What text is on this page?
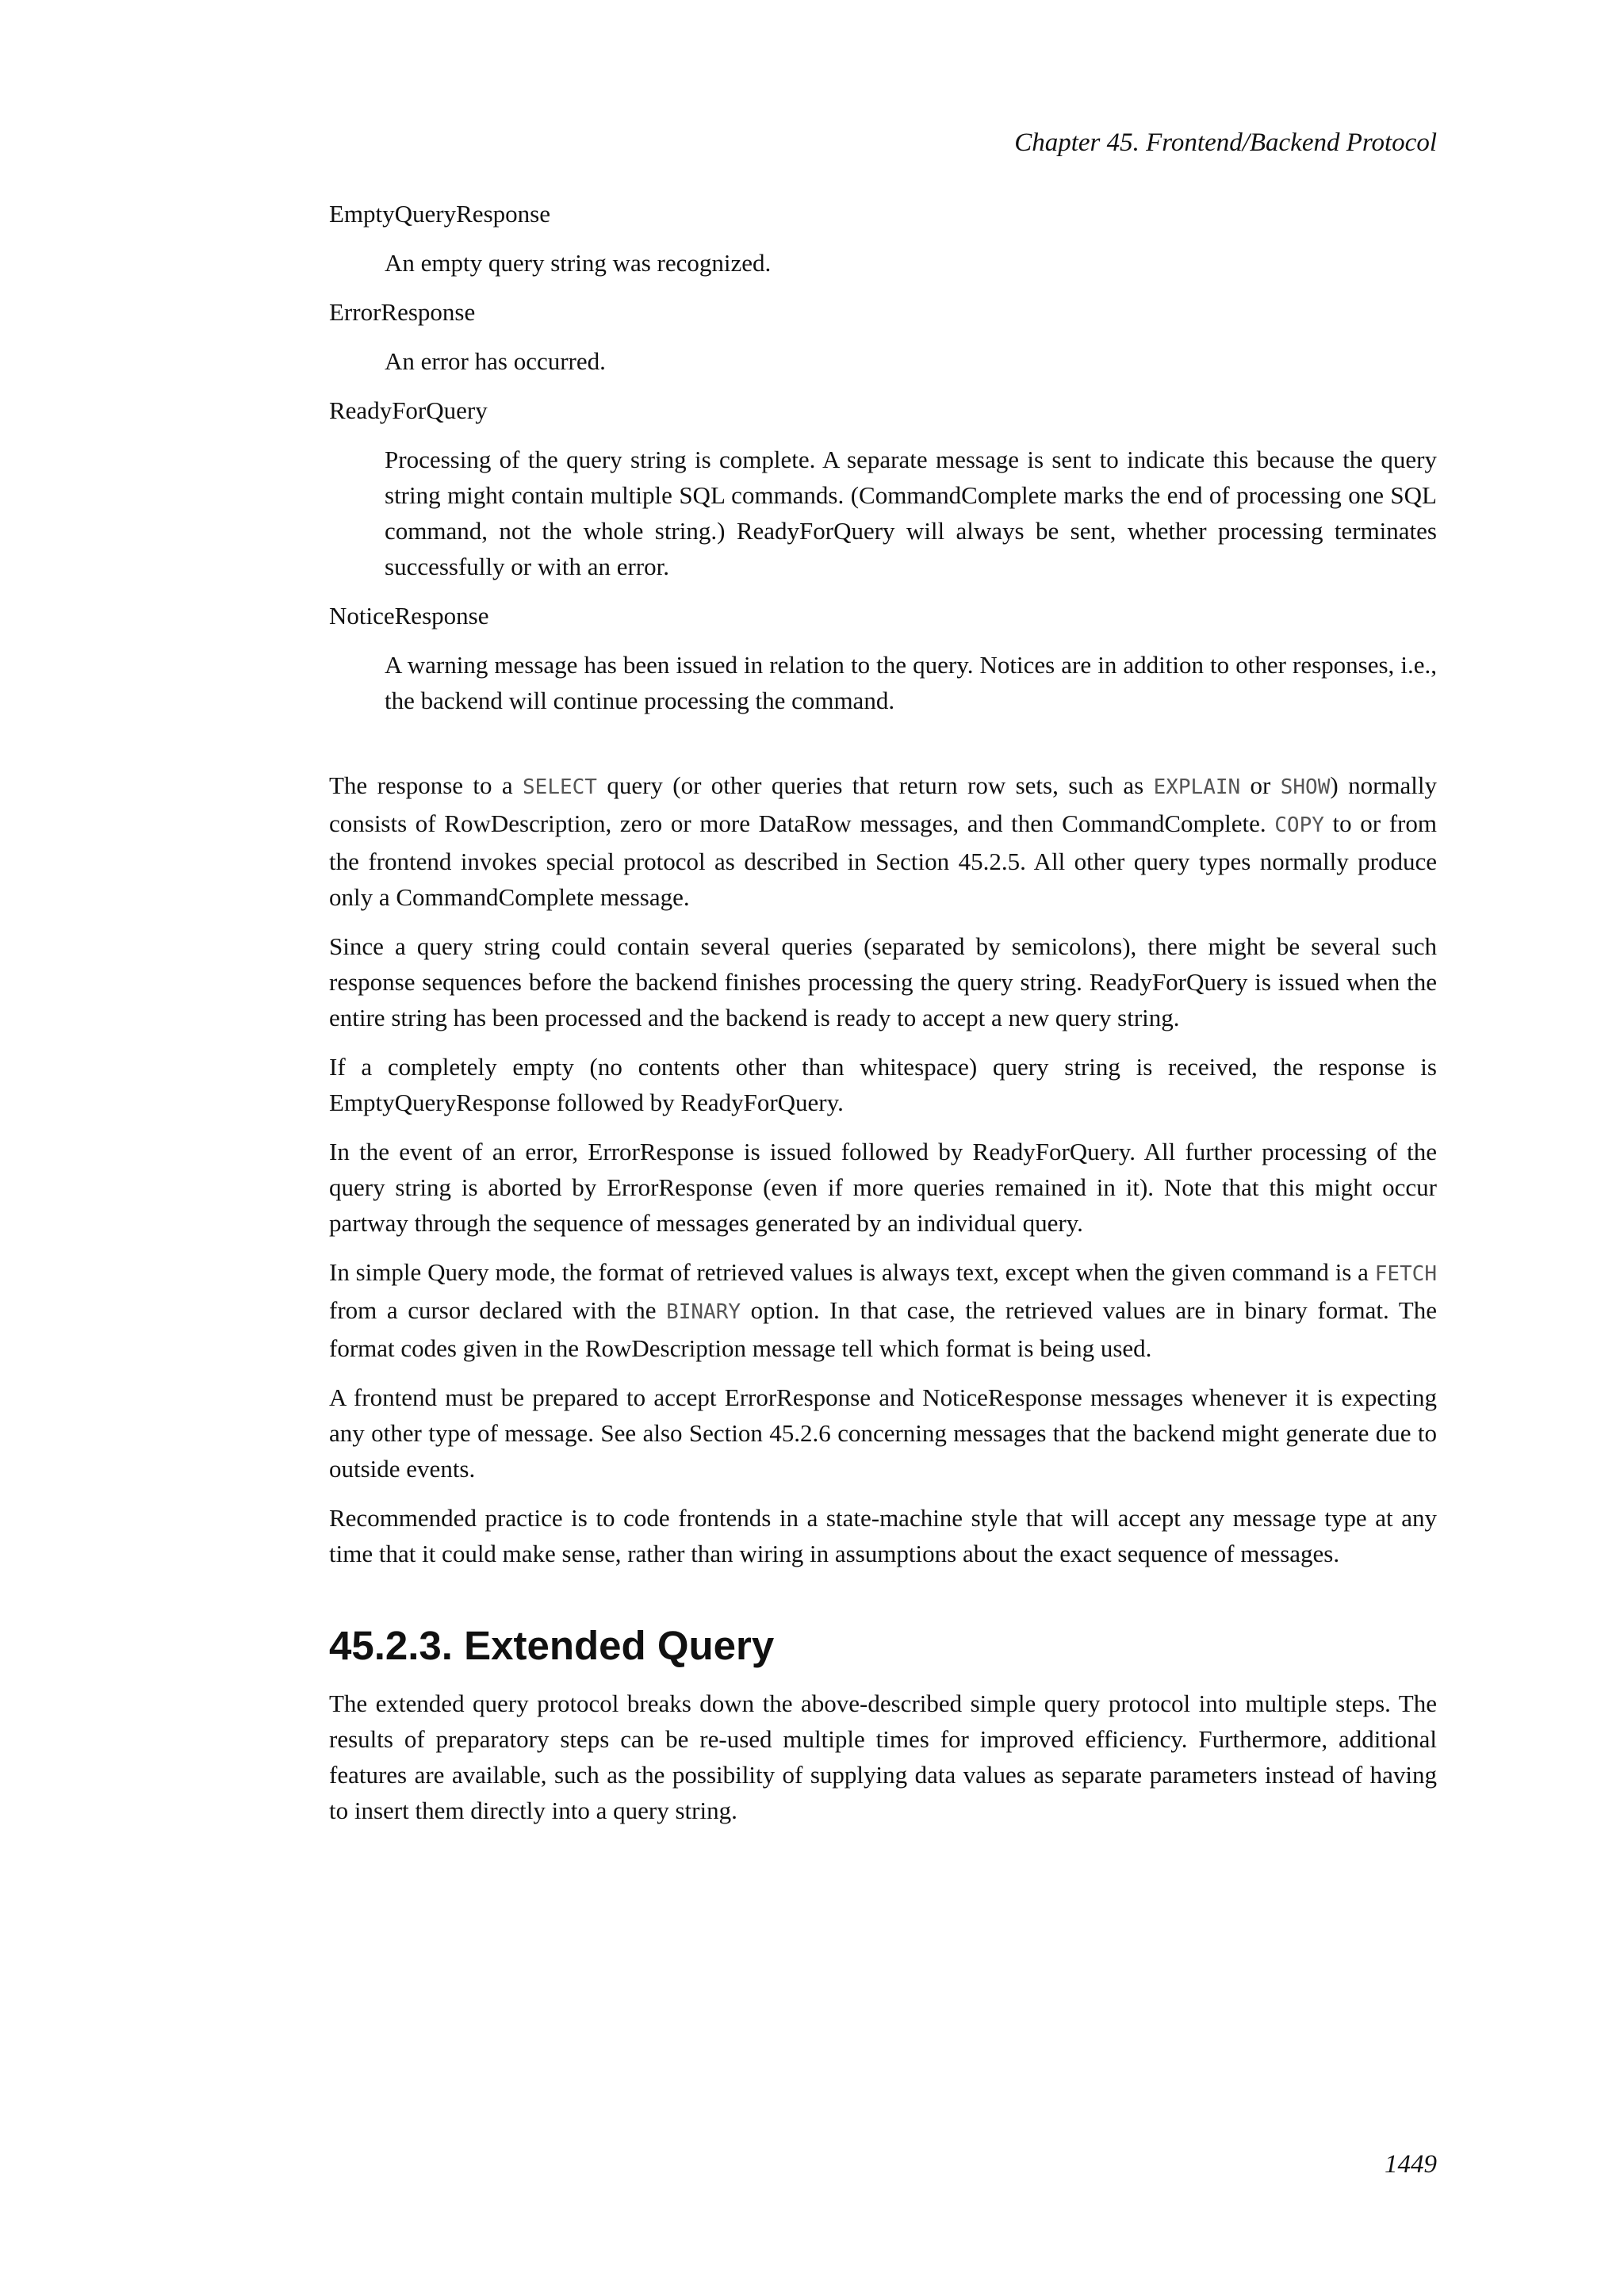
Chapter 45. Frontend/Backend Protocol

EmptyQueryResponse

An empty query string was recognized.

ErrorResponse

An error has occurred.

ReadyForQuery

Processing of the query string is complete. A separate message is sent to indicate this because the query string might contain multiple SQL commands. (CommandComplete marks the end of processing one SQL command, not the whole string.) ReadyForQuery will always be sent, whether processing terminates successfully or with an error.

NoticeResponse

A warning message has been issued in relation to the query. Notices are in addition to other responses, i.e., the backend will continue processing the command.

The response to a SELECT query (or other queries that return row sets, such as EXPLAIN or SHOW) normally consists of RowDescription, zero or more DataRow messages, and then CommandComplete. COPY to or from the frontend invokes special protocol as described in Section 45.2.5. All other query types normally produce only a CommandComplete message.

Since a query string could contain several queries (separated by semicolons), there might be several such response sequences before the backend finishes processing the query string. ReadyForQuery is issued when the entire string has been processed and the backend is ready to accept a new query string.

If a completely empty (no contents other than whitespace) query string is received, the response is EmptyQueryResponse followed by ReadyForQuery.

In the event of an error, ErrorResponse is issued followed by ReadyForQuery. All further processing of the query string is aborted by ErrorResponse (even if more queries remained in it). Note that this might occur partway through the sequence of messages generated by an individual query.

In simple Query mode, the format of retrieved values is always text, except when the given command is a FETCH from a cursor declared with the BINARY option. In that case, the retrieved values are in binary format. The format codes given in the RowDescription message tell which format is being used.

A frontend must be prepared to accept ErrorResponse and NoticeResponse messages whenever it is expecting any other type of message. See also Section 45.2.6 concerning messages that the backend might generate due to outside events.

Recommended practice is to code frontends in a state-machine style that will accept any message type at any time that it could make sense, rather than wiring in assumptions about the exact sequence of messages.

45.2.3. Extended Query

The extended query protocol breaks down the above-described simple query protocol into multiple steps. The results of preparatory steps can be re-used multiple times for improved efficiency. Furthermore, additional features are available, such as the possibility of supplying data values as separate parameters instead of having to insert them directly into a query string.

1449
